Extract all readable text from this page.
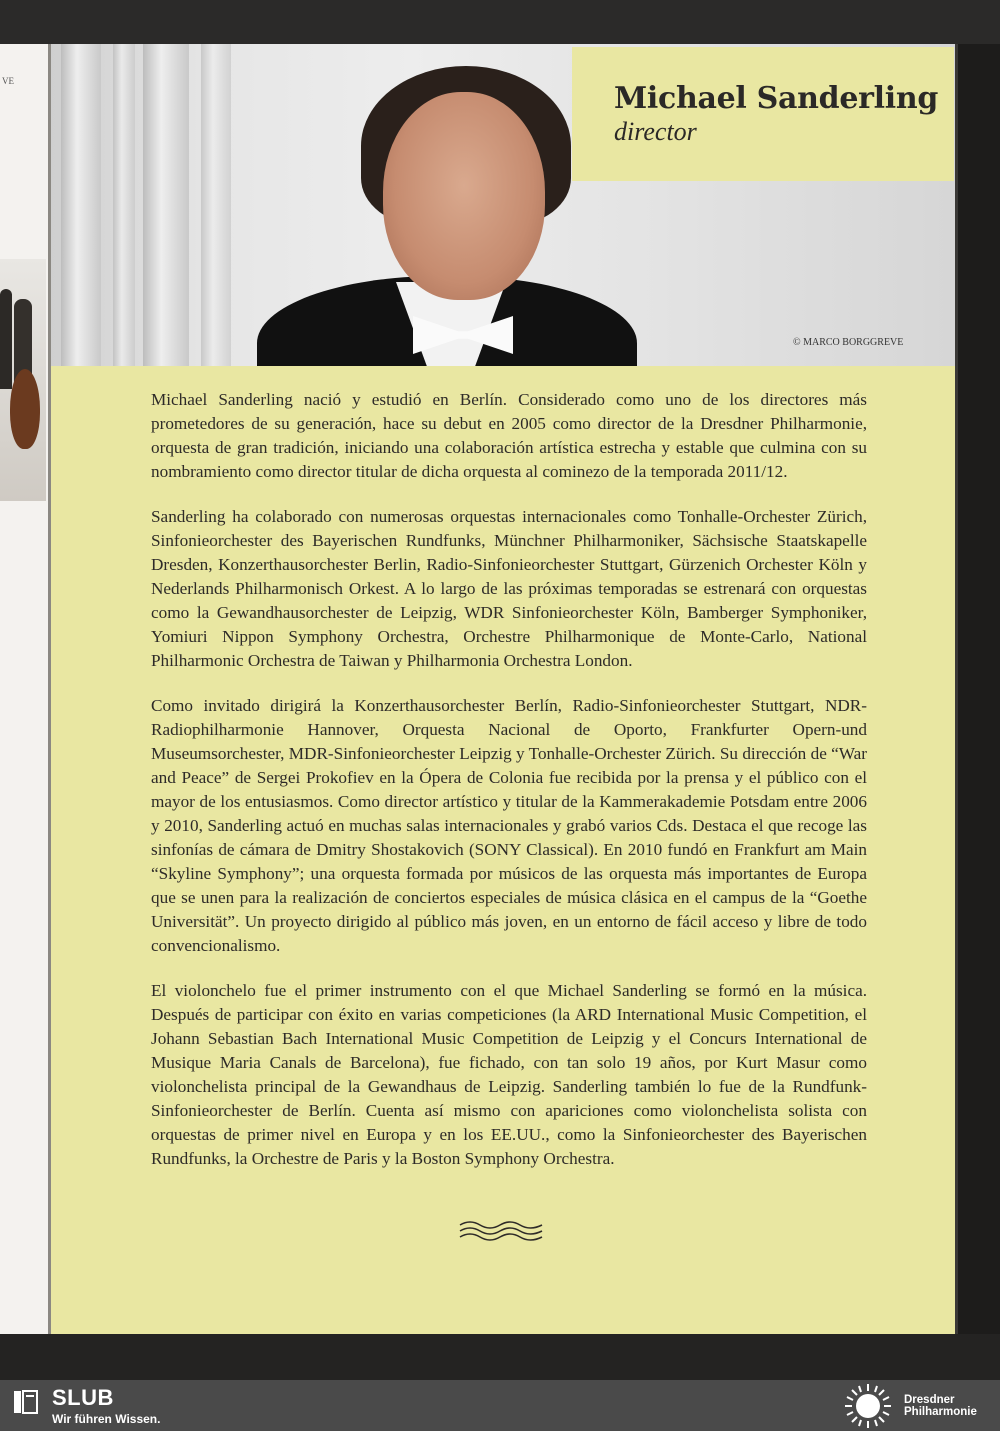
VE
© MARCO BORGGREVE
Michael Sanderling
director

Michael Sanderling nació y estudió en Berlín. Considerado como uno de los directores más prometedores de su generación, hace su debut en 2005 como director de la Dresdner Philharmonie, orquesta de gran tradición, iniciando una colaboración artística estrecha y estable que culmina con su nombramiento como director titular de dicha orquesta al cominezo de la temporada 2011/12.

Sanderling ha colaborado con numerosas orquestas internacionales como Tonhalle-Orchester Zürich, Sinfonieorchester des Bayerischen Rundfunks, Münchner Philharmoniker, Sächsische Staatskapelle Dresden, Konzerthausorchester Berlin, Radio-Sinfonieorchester Stuttgart, Gürzenich Orchester Köln y Nederlands Philharmonisch Orkest. A lo largo de las próximas temporadas se estrenará con orquestas como la Gewandhausorchester de Leipzig, WDR Sinfonieorchester Köln, Bamberger Symphoniker, Yomiuri Nippon Symphony Orchestra, Orchestre Philharmonique de Monte-Carlo, National Philharmonic Orchestra de Taiwan y Philharmonia Orchestra London.

Como invitado dirigirá la Konzerthausorchester Berlín, Radio-Sinfonieorchester Stuttgart, NDR-Radiophilharmonie Hannover, Orquesta Nacional de Oporto, Frankfurter Opern-und Museumsorchester, MDR-Sinfonieorchester Leipzig y Tonhalle-Orchester Zürich. Su dirección de “War and Peace” de Sergei Prokofiev en la Ópera de Colonia fue recibida por la prensa y el público con el mayor de los entusiasmos. Como director artístico y titular de la Kammerakademie Potsdam entre 2006 y 2010, Sanderling actuó en muchas salas internacionales y grabó varios Cds. Destaca el que recoge las sinfonías de cámara de Dmitry Shostakovich (SONY Classical). En 2010 fundó en Frankfurt am Main “Skyline Symphony”; una orquesta formada por músicos de las orquesta más importantes de Europa que se unen para la realización de conciertos especiales de música clásica en el campus de la “Goethe Universität”. Un proyecto dirigido al público más joven, en un entorno de fácil acceso y libre de todo convencionalismo.

El violonchelo fue el primer instrumento con el que Michael Sanderling se formó en la música. Después de participar con éxito en varias competiciones (la ARD International Music Competition, el Johann Sebastian Bach International Music Competition de Leipzig y el Concurs International de Musique Maria Canals de Barcelona), fue fichado, con tan solo 19 años, por Kurt Masur como violonchelista principal de la Gewandhaus de Leipzig. Sanderling también lo fue de la Rundfunk-Sinfonieorchester de Berlín. Cuenta así mismo con apariciones como violonchelista solista con orquestas de primer nivel en Europa y en los EE.UU., como la Sinfonieorchester des Bayerischen Rundfunks, la Orchestre de Paris y la Boston Symphony Orchestra.

SLUB
Wir führen Wissen.
Dresdner
Philharmonie
